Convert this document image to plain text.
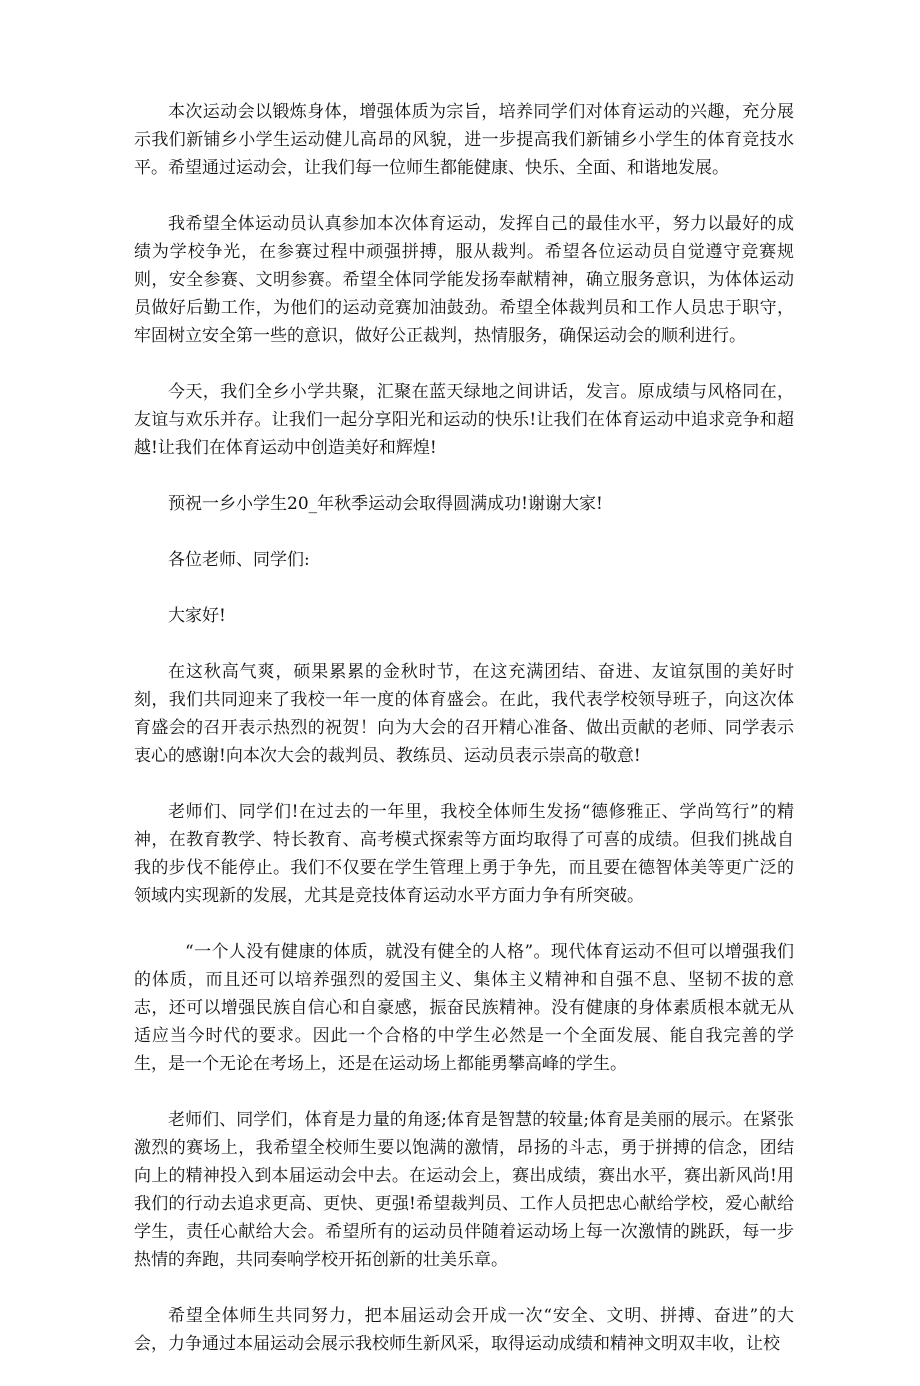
本次运动会以锻炼身体，增强体质为宗旨，培养同学们对体育运动的兴趣，充分展示我们新铺乡小学生运动健儿高昂的风貌，进一步提高我们新铺乡小学生的体育竞技水平。希望通过运动会，让我们每一位师生都能健康、快乐、全面、和谐地发展。

我希望全体运动员认真参加本次体育运动，发挥自己的最佳水平，努力以最好的成绩为学校争光，在参赛过程中顽强拼搏，服从裁判。希望各位运动员自觉遵守竞赛规则，安全参赛、文明参赛。希望全体同学能发扬奉献精神，确立服务意识，为体体运动员做好后勤工作，为他们的运动竞赛加油鼓劲。希望全体裁判员和工作人员忠于职守，牢固树立安全第一些的意识，做好公正裁判，热情服务，确保运动会的顺利进行。

今天，我们全乡小学共聚，汇聚在蓝天绿地之间讲话，发言。原成绩与风格同在，友谊与欢乐并存。让我们一起分享阳光和运动的快乐!让我们在体育运动中追求竞争和超越!让我们在体育运动中创造美好和辉煌!

预祝一乡小学生20_年秋季运动会取得圆满成功!谢谢大家!

各位老师、同学们:

大家好!

在这秋高气爽，硕果累累的金秋时节，在这充满团结、奋进、友谊氛围的美好时刻，我们共同迎来了我校一年一度的体育盛会。在此，我代表学校领导班子，向这次体育盛会的召开表示热烈的祝贺！向为大会的召开精心准备、做出贡献的老师、同学表示衷心的感谢!向本次大会的裁判员、教练员、运动员表示崇高的敬意!

老师们、同学们!在过去的一年里，我校全体师生发扬“德修雅正、学尚笃行”的精神，在教育教学、特长教育、高考模式探索等方面均取得了可喜的成绩。但我们挑战自我的步伐不能停止。我们不仅要在学生管理上勇于争先，而且要在德智体美等更广泛的领域内实现新的发展，尤其是竞技体育运动水平方面力争有所突破。

“一个人没有健康的体质，就没有健全的人格”。现代体育运动不但可以增强我们的体质，而且还可以培养强烈的爱国主义、集体主义精神和自强不息、坚韧不拔的意志，还可以增强民族自信心和自豪感，振奋民族精神。没有健康的身体素质根本就无从适应当今时代的要求。因此一个合格的中学生必然是一个全面发展、能自我完善的学生，是一个无论在考场上，还是在运动场上都能勇攀高峰的学生。

老师们、同学们，体育是力量的角逐;体育是智慧的较量;体育是美丽的展示。在紧张激烈的赛场上，我希望全校师生要以饱满的激情，昂扬的斗志，勇于拼搏的信念，团结向上的精神投入到本届运动会中去。在运动会上，赛出成绩，赛出水平，赛出新风尚!用我们的行动去追求更高、更快、更强!希望裁判员、工作人员把忠心献给学校，爱心献给学生，责任心献给大会。希望所有的运动员伴随着运动场上每一次激情的跳跃，每一步热情的奔跑，共同奏响学校开拓创新的壮美乐章。

希望全体师生共同努力，把本届运动会开成一次“安全、文明、拼搏、奋进”的大会，力争通过本届运动会展示我校师生新风采，取得运动成绩和精神文明双丰收，让校
